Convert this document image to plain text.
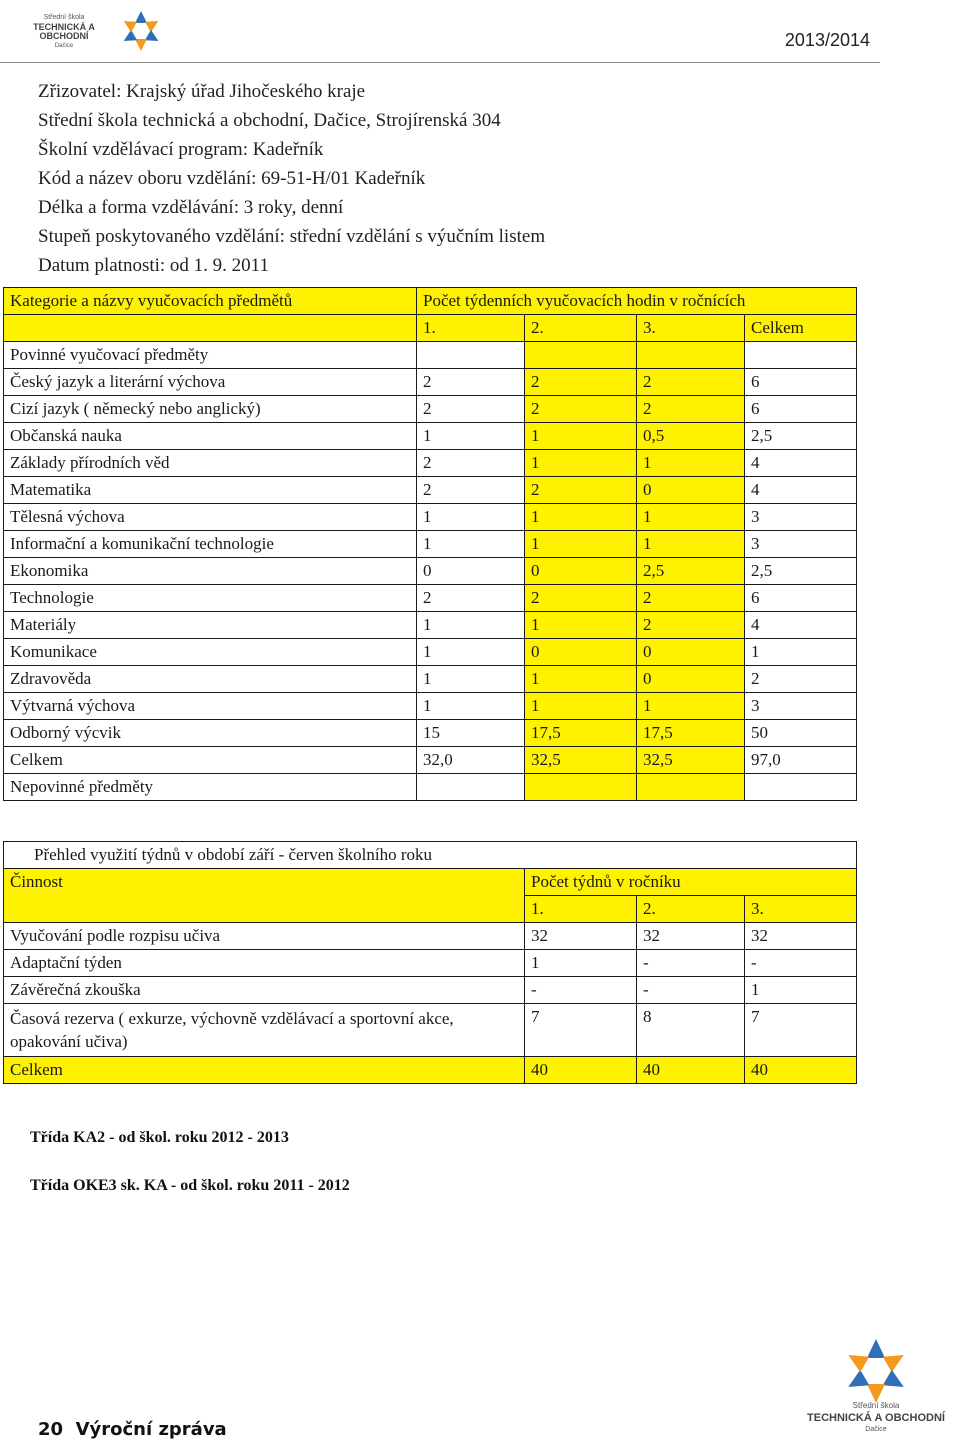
Střední škola
TECHNICKÁ A OBCHODNÍ
Dačice	2013/2014
Zřizovatel: Krajský úřad Jihočeského kraje
Střední škola technická a obchodní, Dačice, Strojírenská 304
Školní vzdělávací program: Kadeřník
Kód a název oboru vzdělání: 69-51-H/01 Kadeřník
Délka a forma vzdělávání: 3 roky, denní
Stupeň poskytovaného vzdělání: střední vzdělání s výučním listem
Datum platnosti: od 1. 9. 2011
Kategorie a názvy vyučovacích předmětů	Počet týdenních vyučovacích hodin v ročnících			
	1.	2.	3.	Celkem
Povinné vyučovací předměty				
Český jazyk a literární výchova	2	2	2	6
Cizí jazyk ( německý nebo anglický)	2	2	2	6
Občanská nauka	1	1	0,5	2,5
Základy přírodních věd	2	1	1	4
Matematika	2	2	0	4
Tělesná výchova	1	1	1	3
Informační a komunikační technologie	1	1	1	3
Ekonomika	0	0	2,5	2,5
Technologie	2	2	2	6
Materiály	1	1	2	4
Komunikace	1	0	0	1
Zdravověda	1	1	0	2
Výtvarná výchova	1	1	1	3
Odborný výcvik	15	17,5	17,5	50
Celkem	32,0	32,5	32,5	97,0
Nepovinné předměty				
Přehled využití týdnů v období září - červen školního roku			
Činnost	Počet týdnů v ročníku		
	1.	2.	3.
Vyučování podle rozpisu učiva	32	32	32
Adaptační týden	1	-	-
Závěrečná zkouška	-	-	1
Časová rezerva ( exkurze, výchovně vzdělávací a sportovní akce, opakování učiva)	7	8	7
Celkem	40	40	40
Třída KA2 - od škol. roku 2012 - 2013
Třída OKE3 sk. KA - od škol. roku 2011 - 2012
20 Výroční zpráva
Střední škola
TECHNICKÁ A OBCHODNÍ
Dačice
